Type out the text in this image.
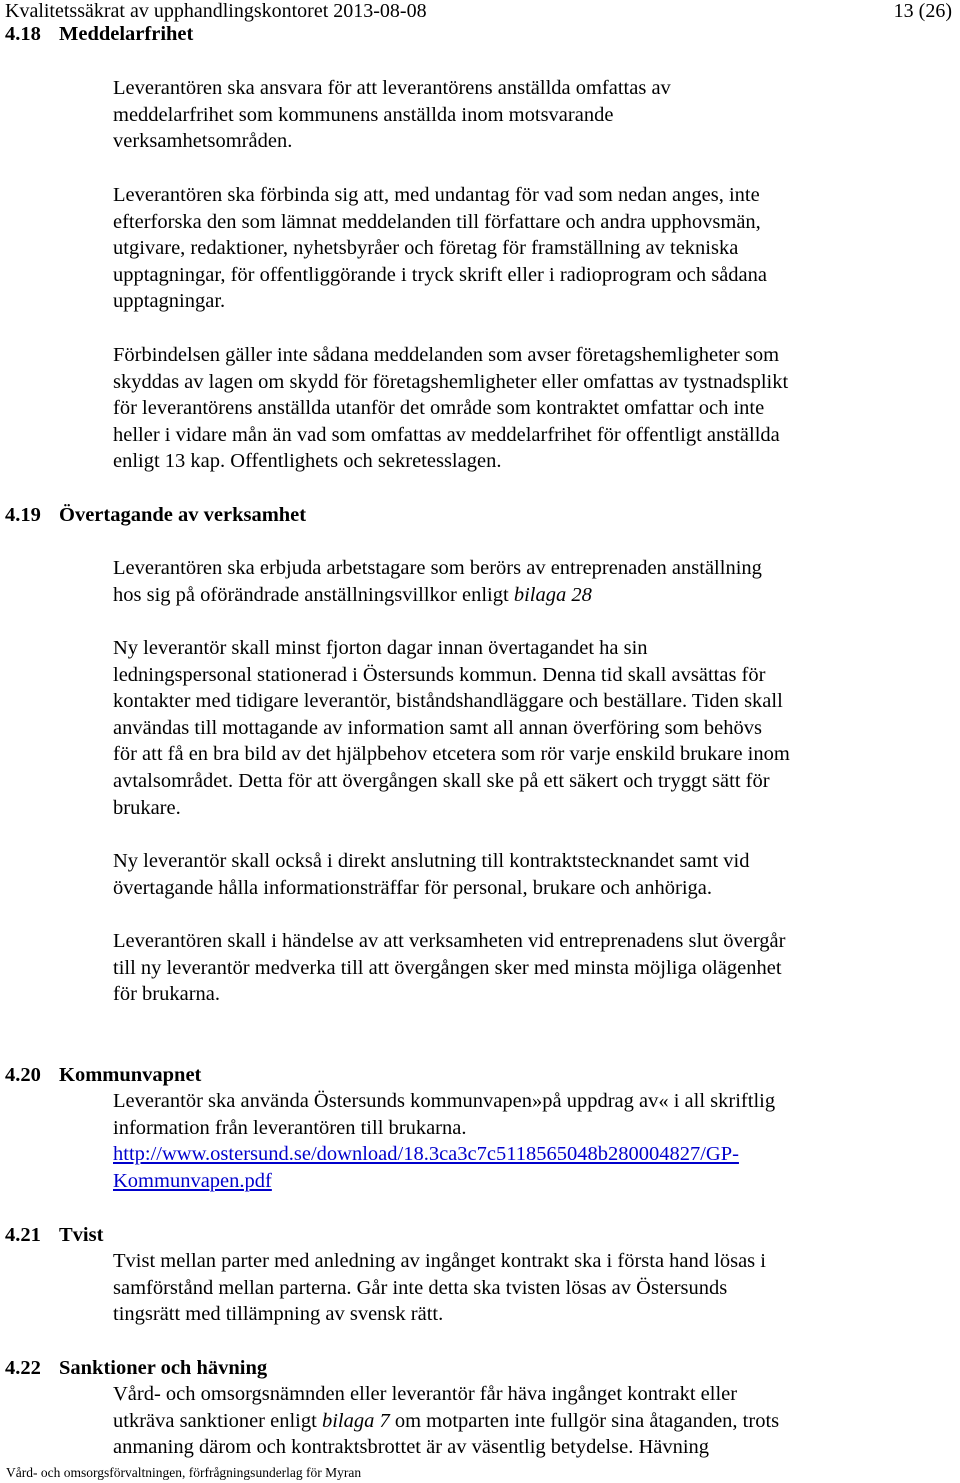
Kvalitetssäkrat av upphandlingskontoret 2013-08-08	13 (26)
4.18 Meddelarfrihet
Leverantören ska ansvara för att leverantörens anställda omfattas av
meddelarfrihet som kommunens anställda inom motsvarande
verksamhetsområden.
Leverantören ska förbinda sig att, med undantag för vad som nedan anges, inte
efterforska den som lämnat meddelanden till författare och andra upphovsmän,
utgivare, redaktioner, nyhetsbyråer och företag för framställning av tekniska
upptagningar, för offentliggörande i tryck skrift eller i radioprogram och sådana
upptagningar.
Förbindelsen gäller inte sådana meddelanden som avser företagshemligheter som
skyddas av lagen om skydd för företagshemligheter eller omfattas av tystnadsplikt
för leverantörens anställda utanför det område som kontraktet omfattar och inte
heller i vidare mån än vad som omfattas av meddelarfrihet för offentligt anställda
enligt 13 kap. Offentlighets och sekretesslagen.
4.19 Övertagande av verksamhet
Leverantören ska erbjuda arbetstagare som berörs av entreprenaden anställning
hos sig på oförändrade anställningsvillkor enligt bilaga 28
Ny leverantör skall minst fjorton dagar innan övertagandet ha sin
ledningspersonal stationerad i Östersunds kommun. Denna tid skall avsättas för
kontakter med tidigare leverantör, biståndshandläggare och beställare. Tiden skall
användas till mottagande av information samt all annan överföring som behövs
för att få en bra bild av det hjälpbehov etcetera som rör varje enskild brukare inom
avtalsområdet. Detta för att övergången skall ske på ett säkert och tryggt sätt för
brukare.
Ny leverantör skall också i direkt anslutning till kontraktstecknandet samt vid
övertagande hålla informationsträffar för personal, brukare och anhöriga.
Leverantören skall i händelse av att verksamheten vid entreprenadens slut övergår
till ny leverantör medverka till att övergången sker med minsta möjliga olägenhet
för brukarna.
4.20 Kommunvapnet
Leverantör ska använda Östersunds kommunvapen»på uppdrag av« i all skriftlig
information från leverantören till brukarna.
http://www.ostersund.se/download/18.3ca3c7c5118565048b280004827/GP-
Kommunvapen.pdf
4.21 Tvist
Tvist mellan parter med anledning av ingånget kontrakt ska i första hand lösas i
samförstånd mellan parterna. Går inte detta ska tvisten lösas av Östersunds
tingsrätt med tillämpning av svensk rätt.
4.22 Sanktioner och hävning
Vård- och omsorgsnämnden eller leverantör får häva ingånget kontrakt eller
utkräva sanktioner enligt bilaga 7 om motparten inte fullgör sina åtaganden, trots
anmaning därom och kontraktsbrottet är av väsentlig betydelse. Hävning
Vård- och omsorgsförvaltningen, förfrågningsunderlag för Myran
